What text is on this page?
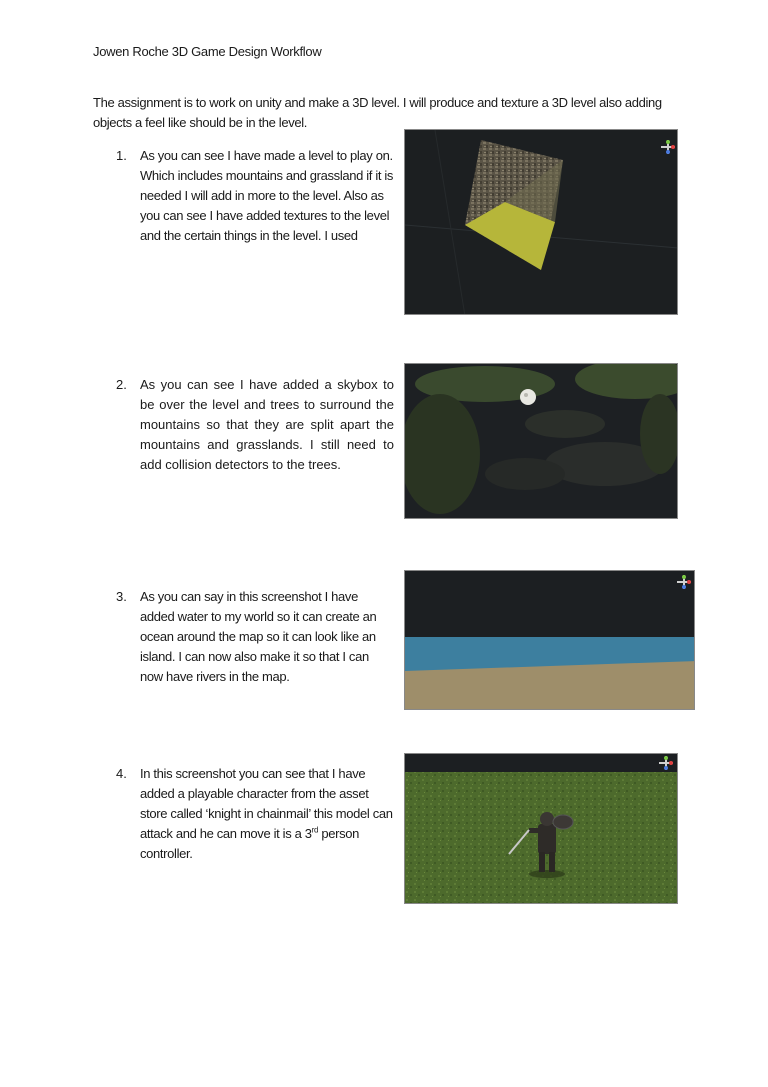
Jowen Roche 3D Game Design Workflow
The assignment is to work on unity and make a 3D level. I will produce and texture a 3D level also adding objects a feel like should be in the level.
1. As you can see I have made a level to play on. Which includes mountains and grassland if it is needed I will add in more to the level. Also as you can see I have added textures to the level and the certain things in the level. I used
2. As you can see I have added a skybox to be over the level and trees to surround the mountains so that they are split apart the mountains and grasslands. I still need to add collision detectors to the trees.
3. As you can say in this screenshot I have added water to my world so it can create an ocean around the map so it can look like an island. I can now also make it so that I can now have rivers in the map.
4. In this screenshot you can see that I have added a playable character from the asset store called ‘knight in chainmail’ this model can attack and he can move it is a 3rd person controller.
